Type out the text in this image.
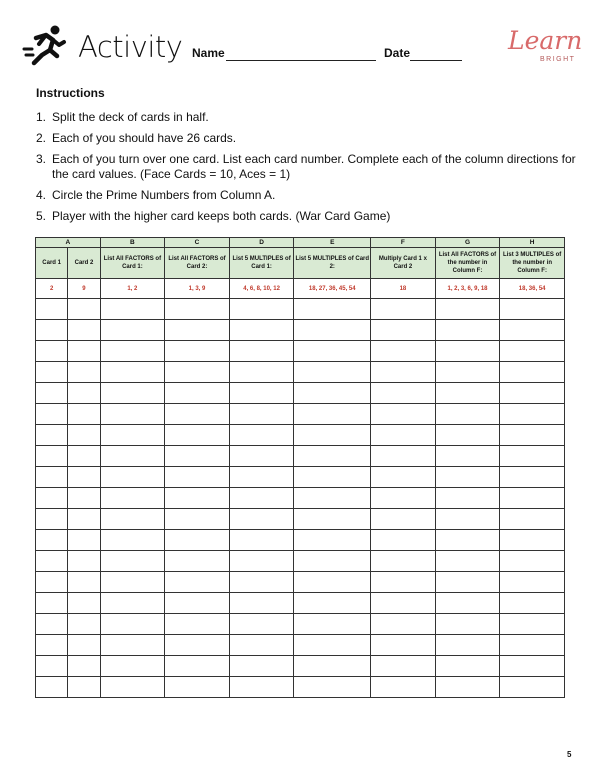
Activity Name	Date	Learn
BRIGHT
Instructions
1. Split the deck of cards in half.
2. Each of you should have 26 cards.
3. Each of you turn over one card. List each card number. Complete each of the column directions for the card values. (Face Cards = 10, Aces = 1)
4. Circle the Prime Numbers from Column A.
5. Player with the higher card keeps both cards. (War Card Game)
A		B	C	D	E	F	G	H
Card 1	Card 2	List All FACTORS of Card 1:	List All FACTORS of Card 2:	List 5 MULTIPLES of Card 1:	List 5 MULTIPLES of Card 2:	Multiply Card 1 x Card 2	List All FACTORS of the number in Column F:	List 3 MULTIPLES of the number in Column F:
2	9	1, 2	1, 3, 9	4, 6, 8, 10, 12	18, 27, 36, 45, 54	18	1, 2, 3, 6, 9, 18	18, 36, 54

5
